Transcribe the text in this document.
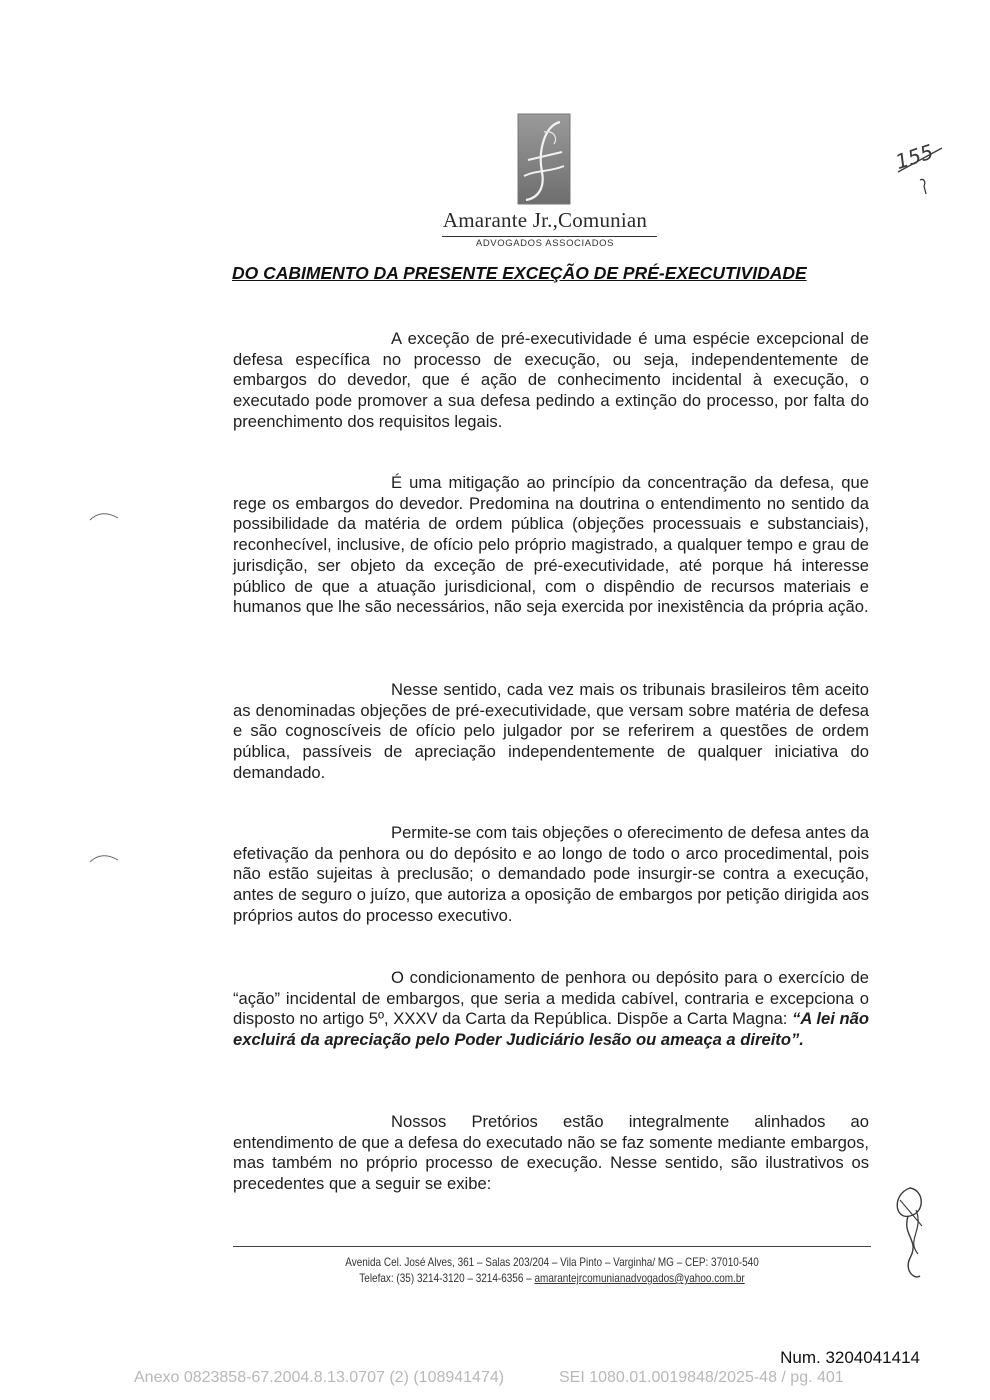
Amarante Jr.,Comunian
ADVOGADOS ASSOCIADOS
155
DO CABIMENTO DA PRESENTE EXCEÇÃO DE PRÉ-EXECUTIVIDADE
A exceção de pré-executividade é uma espécie excepcional de defesa específica no processo de execução, ou seja, independentemente de embargos do devedor, que é ação de conhecimento incidental à execução, o executado pode promover a sua defesa pedindo a extinção do processo, por falta do preenchimento dos requisitos legais.
É uma mitigação ao princípio da concentração da defesa, que rege os embargos do devedor. Predomina na doutrina o entendimento no sentido da possibilidade da matéria de ordem pública (objeções processuais e substanciais), reconhecível, inclusive, de ofício pelo próprio magistrado, a qualquer tempo e grau de jurisdição, ser objeto da exceção de pré-executividade, até porque há interesse público de que a atuação jurisdicional, com o dispêndio de recursos materiais e humanos que lhe são necessários, não seja exercida por inexistência da própria ação.
Nesse sentido, cada vez mais os tribunais brasileiros têm aceito as denominadas objeções de pré-executividade, que versam sobre matéria de defesa e são cognoscíveis de ofício pelo julgador por se referirem a questões de ordem pública, passíveis de apreciação independentemente de qualquer iniciativa do demandado.
Permite-se com tais objeções o oferecimento de defesa antes da efetivação da penhora ou do depósito e ao longo de todo o arco procedimental, pois não estão sujeitas à preclusão; o demandado pode insurgir-se contra a execução, antes de seguro o juízo, que autoriza a oposição de embargos por petição dirigida aos próprios autos do processo executivo.
O condicionamento de penhora ou depósito para o exercício de “ação” incidental de embargos, que seria a medida cabível, contraria e excepciona o disposto no artigo 5º, XXXV da Carta da República. Dispõe a Carta Magna: “A lei não excluirá da apreciação pelo Poder Judiciário lesão ou ameaça a direito”.
Nossos Pretórios estão integralmente alinhados ao entendimento de que a defesa do executado não se faz somente mediante embargos, mas também no próprio processo de execução. Nesse sentido, são ilustrativos os precedentes que a seguir se exibe:
Avenida Cel. José Alves, 361 – Salas 203/204 – Vila Pinto – Varginha/ MG – CEP: 37010-540
Telefax: (35) 3214-3120 – 3214-6356 – amarantejrcomunianadvogados@yahoo.com.br
Num. 3204041414
Anexo 0823858-67.2004.8.13.0707 (2) (108941474)	SEI 1080.01.0019848/2025-48 / pg. 401
